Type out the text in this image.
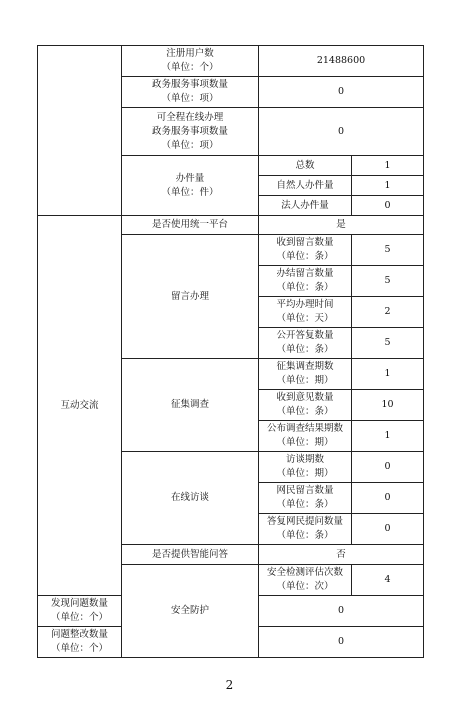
	注册用户数
（单位：个）	21488600	
	政务服务事项数量
（单位：项）	0	
	可全程在线办理
政务服务事项数量
（单位：项）	0	
	办件量
（单位：件）	总数	1
		自然人办件量	1
		法人办件量	0
互动交流	是否使用统一平台	是	
	留言办理	收到留言数量
（单位：条）	5
		办结留言数量
（单位：条）	5
		平均办理时间
（单位：天）	2
		公开答复数量
（单位：条）	5
	征集调查	征集调查期数
（单位：期）	1
		收到意见数量
（单位：条）	10
		公布调查结果期数
（单位：期）	1
	在线访谈	访谈期数
（单位：期）	0
		网民留言数量
（单位：条）	0
		答复网民提问数量
（单位：条）	0
	是否提供智能问答	否	
	安全防护	安全检测评估次数
（单位：次）	4
发现问题数量
（单位：个）		0	
问题整改数量
（单位：个）		0	
2
